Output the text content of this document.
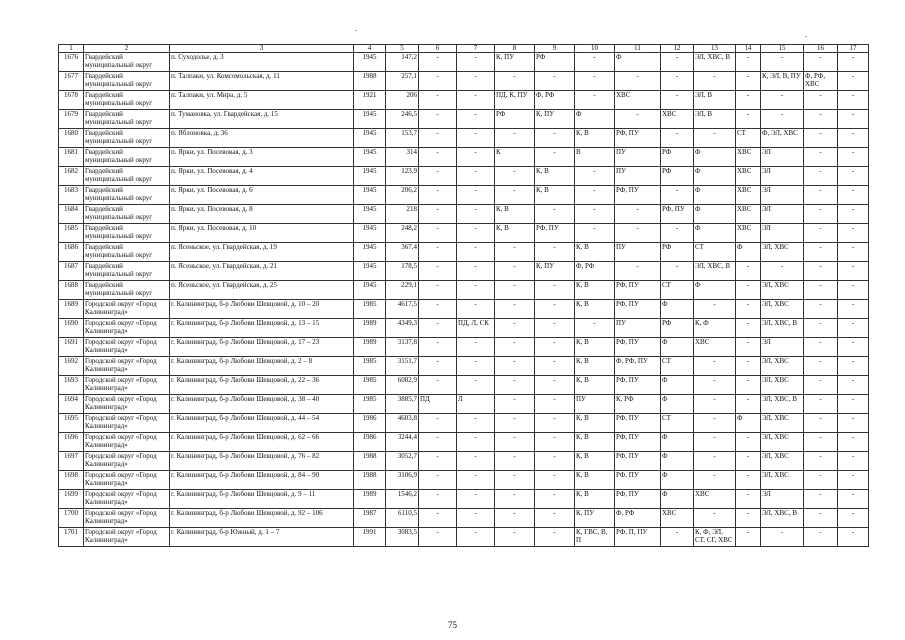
1	2	3	4	5	6	7	8	9	10	11	12	13	14	15	16	17
1676	Гвардейский муниципальный округ	п. Суходолье, д. 3	1945	147,2	-	-	К, ПУ	РФ	-	Ф	-	ЭЛ, ХВС, В	-	-	-	-
1677	Гвардейский муниципальный округ	п. Талпаки, ул. Комсомольская, д. 11	1988	257,1	-	-	-	-	-	-	-	-	-	К, ЭЛ, В, ПУ	Ф, РФ, ХВС	-
1678	Гвардейский муниципальный округ	п. Талпаки, ул. Мира, д. 5	1921	206	-	-	ПД, К, ПУ	Ф, РФ	-	ХВС	-	ЭЛ, В	-	-	-	-
1679	Гвардейский муниципальный округ	п. Тумановка, ул. Гвардейская, д. 15	1945	246,5	-	-	РФ	К, ПУ	Ф	-	ХВС	ЭЛ, В	-	-	-	-
1680	Гвардейский муниципальный округ	п. Яблоновка, д. 36	1945	153,7	-	-	-	-	К, В	РФ, ПУ	-	-	СТ	Ф, ЭЛ, ХВС	-	-
1681	Гвардейский муниципальный округ	п. Ярки, ул. Посевовая, д. 3	1945	314	-	-	К	-	В	ПУ	РФ	Ф	ХВС	ЭЛ	-	-
1682	Гвардейский муниципальный округ	п. Ярки, ул. Посевовая, д. 4	1945	123,9	-	-	-	К, В	-	ПУ	РФ	Ф	ХВС	ЭЛ	-	-
1683	Гвардейский муниципальный округ	п. Ярки, ул. Посевовая, д. 6	1945	206,2	-	-	-	К, В	-	РФ, ПУ	-	Ф	ХВС	ЭЛ	-	-
1684	Гвардейский муниципальный округ	п. Ярки, ул. Посевовая, д. 8	1945	218	-	-	К, В	-	-	-	РФ, ПУ	Ф	ХВС	ЭЛ	-	-
1685	Гвардейский муниципальный округ	п. Ярки, ул. Посевовая, д. 10	1945	248,2	-	-	К, В	РФ, ПУ	-	-	-	Ф	ХВС	ЭЛ	-	-
1686	Гвардейский муниципальный округ	п. Ясеньское, ул. Гвардейская, д. 19	1945	367,4	-	-	-	-	К, В	ПУ	РФ	СТ	Ф	ЭЛ, ХВС	-	-
1687	Гвардейский муниципальный округ	п. Ясеньское, ул. Гвардейская, д. 21	1945	178,5	-	-	-	К, ПУ	Ф, РФ	-	-	ЭЛ, ХВС, В	-	-	-	-
1688	Гвардейский муниципальный округ	п. Ясеньское, ул. Гвардейская, д. 25	1945	229,1	-	-	-	-	К, В	РФ, ПУ	СТ	Ф	-	ЭЛ, ХВС	-	-
1689	Городской округ «Город Калининград»	г. Калининград, б-р Любови Шевцовой, д. 10 – 20	1985	4617,5	-	-	-	-	К, В	РФ, ПУ	Ф	-	-	ЭЛ, ХВС	-	-
1690	Городской округ «Город Калининград»	г. Калининград, б-р Любови Шевцовой, д. 13 – 15	1989	4349,3	-	ПД, Л, СК	-	-	-	ПУ	РФ	К, Ф	-	ЭЛ, ХВС, В	-	-
1691	Городской округ «Город Калининград»	г. Калининград, б-р Любови Шевцовой, д. 17 – 23	1989	3137,8	-	-	-	-	К, В	РФ, ПУ	Ф	ХВС	-	ЭЛ	-	-
1692	Городской округ «Город Калининград»	г. Калининград, б-р Любови Шевцовой, д. 2 – 8	1985	3151,7	-	-	-	-	К, В	Ф, РФ, ПУ	СТ	-	-	ЭЛ, ХВС	-	-
1693	Городской округ «Город Калининград»	г. Калининград, б-р Любови Шевцовой, д. 22 – 36	1985	6082,9	-	-	-	-	К, В	РФ, ПУ	Ф	-	-	ЭЛ, ХВС	-	-
1694	Городской округ «Город Калининград»	г. Калининград, б-р Любови Шевцовой, д. 38 – 40	1985	3885,7	ПД	Л	-	-	ПУ	К, РФ	Ф	-	-	ЭЛ, ХВС, В	-	-
1695	Городской округ «Город Калининград»	г. Калининград, б-р Любови Шевцовой, д. 44 – 54	1986	4603,8	-	-	-	-	К, В	РФ, ПУ	СТ	-	Ф	ЭЛ, ХВС	-	-
1696	Городской округ «Город Калининград»	г. Калининград, б-р Любови Шевцовой, д. 62 – 66	1986	3244,4	-	-	-	-	К, В	РФ, ПУ	Ф	-	-	ЭЛ, ХВС	-	-
1697	Городской округ «Город Калининград»	г. Калининград, б-р Любови Шевцовой, д. 76 – 82	1988	3052,7	-	-	-	-	К, В	РФ, ПУ	Ф	-	-	ЭЛ, ХВС	-	-
1698	Городской округ «Город Калининград»	г. Калининград, б-р Любови Шевцовой, д. 84 – 90	1988	3106,9	-	-	-	-	К, В	РФ, ПУ	Ф	-	-	ЭЛ, ХВС	-	-
1699	Городской округ «Город Калининград»	г. Калининград, б-р Любови Шевцовой, д. 9 – 11	1989	1546,2	-	-	-	-	К, В	РФ, ПУ	Ф	ХВС	-	ЭЛ	-	-
1700	Городской округ «Город Калининград»	г. Калининград, б-р Любови Шевцовой, д. 92 – 106	1987	6110,5	-	-	-	-	К, ПУ	Ф, РФ	ХВС	-	-	ЭЛ, ХВС, В	-	-
1701	Городской округ «Город Калининград»	г. Калининград, б-р Южный, д. 1 – 7	1991	3083,5	-	-	-	-	К, ГВС, В, П	РФ, П, ПУ	-	К, Ф, ЭЛ, СТ, СГ, ХВС	-	-	-	-
75
